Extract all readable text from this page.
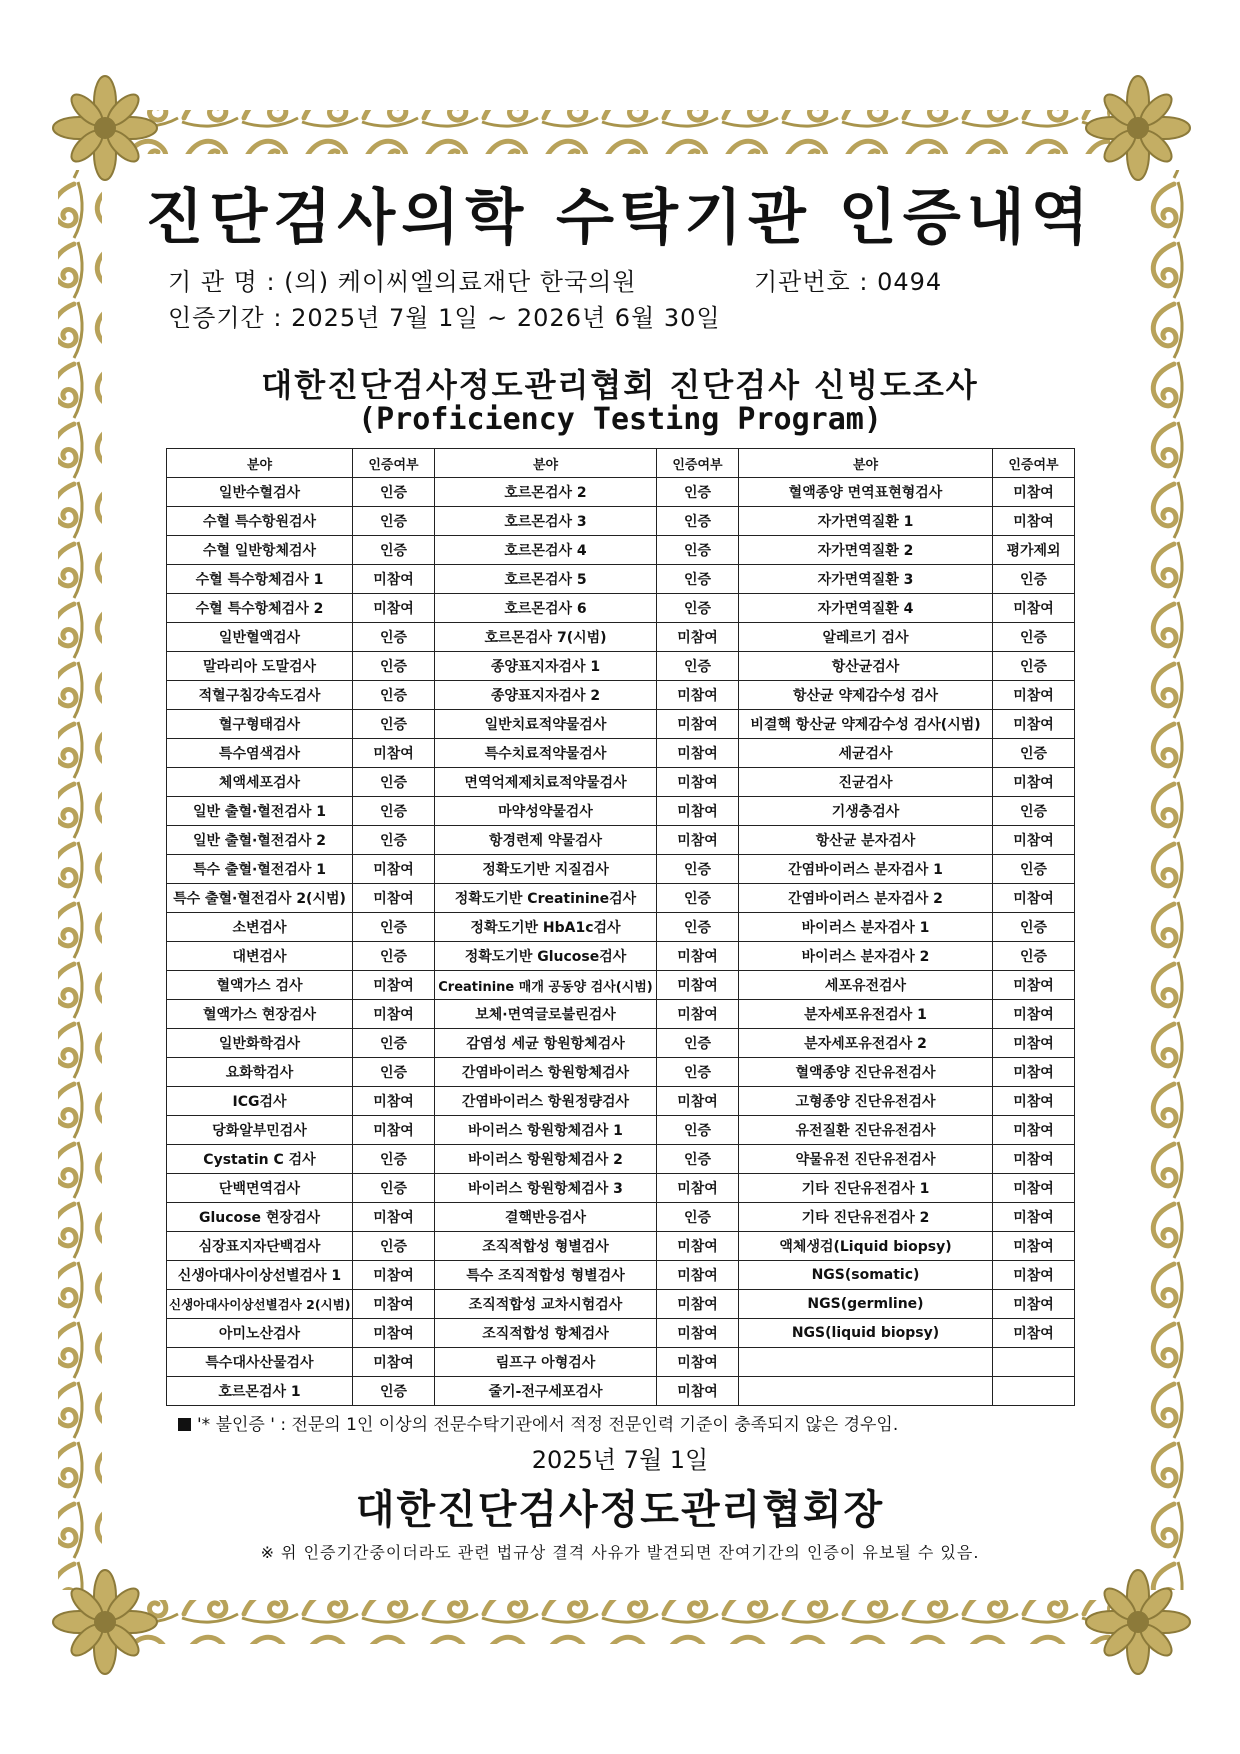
진단검사의학 수탁기관 인증내역
기 관 명 : (의) 케이씨엘의료재단 한국의원	기관번호 : 0494
인증기간 : 2025년 7월 1일 ~ 2026년 6월 30일
대한진단검사정도관리협회 진단검사 신빙도조사
(Proficiency Testing Program)
분야	인증여부	분야	인증여부	분야	인증여부
일반수혈검사	인증	호르몬검사 2	인증	혈액종양 면역표현형검사	미참여
수혈 특수항원검사	인증	호르몬검사 3	인증	자가면역질환 1	미참여
수혈 일반항체검사	인증	호르몬검사 4	인증	자가면역질환 2	평가제외
수혈 특수항체검사 1	미참여	호르몬검사 5	인증	자가면역질환 3	인증
수혈 특수항체검사 2	미참여	호르몬검사 6	인증	자가면역질환 4	미참여
일반혈액검사	인증	호르몬검사 7(시범)	미참여	알레르기 검사	인증
말라리아 도말검사	인증	종양표지자검사 1	인증	항산균검사	인증
적혈구침강속도검사	인증	종양표지자검사 2	미참여	항산균 약제감수성 검사	미참여
혈구형태검사	인증	일반치료적약물검사	미참여	비결핵 항산균 약제감수성 검사(시범)	미참여
특수염색검사	미참여	특수치료적약물검사	미참여	세균검사	인증
체액세포검사	인증	면역억제제치료적약물검사	미참여	진균검사	미참여
일반 출혈·혈전검사 1	인증	마약성약물검사	미참여	기생충검사	인증
일반 출혈·혈전검사 2	인증	항경련제 약물검사	미참여	항산균 분자검사	미참여
특수 출혈·혈전검사 1	미참여	정확도기반 지질검사	인증	간염바이러스 분자검사 1	인증
특수 출혈·혈전검사 2(시범)	미참여	정확도기반 Creatinine검사	인증	간염바이러스 분자검사 2	미참여
소변검사	인증	정확도기반 HbA1c검사	인증	바이러스 분자검사 1	인증
대변검사	인증	정확도기반 Glucose검사	미참여	바이러스 분자검사 2	인증
혈액가스 검사	미참여	Creatinine 매개 공동양 검사(시범)	미참여	세포유전검사	미참여
혈액가스 현장검사	미참여	보체·면역글로불린검사	미참여	분자세포유전검사 1	미참여
일반화학검사	인증	감염성 세균 항원항체검사	인증	분자세포유전검사 2	미참여
요화학검사	인증	간염바이러스 항원항체검사	인증	혈액종양 진단유전검사	미참여
ICG검사	미참여	간염바이러스 항원정량검사	미참여	고형종양 진단유전검사	미참여
당화알부민검사	미참여	바이러스 항원항체검사 1	인증	유전질환 진단유전검사	미참여
Cystatin C 검사	인증	바이러스 항원항체검사 2	인증	약물유전 진단유전검사	미참여
단백면역검사	인증	바이러스 항원항체검사 3	미참여	기타 진단유전검사 1	미참여
Glucose 현장검사	미참여	결핵반응검사	인증	기타 진단유전검사 2	미참여
심장표지자단백검사	인증	조직적합성 형별검사	미참여	액체생검(Liquid biopsy)	미참여
신생아대사이상선별검사 1	미참여	특수 조직적합성 형별검사	미참여	NGS(somatic)	미참여
신생아대사이상선별검사 2(시범)	미참여	조직적합성 교차시험검사	미참여	NGS(germline)	미참여
아미노산검사	미참여	조직적합성 항체검사	미참여	NGS(liquid biopsy)	미참여
특수대사산물검사	미참여	림프구 아형검사	미참여		
호르몬검사 1	인증	줄기-전구세포검사	미참여		
'* 불인증 ' : 전문의 1인 이상의 전문수탁기관에서 적정 전문인력 기준이 충족되지 않은 경우임.
2025년 7월 1일
대한진단검사정도관리협회장
※ 위 인증기간중이더라도 관련 법규상 결격 사유가 발견되면 잔여기간의 인증이 유보될 수 있음.
